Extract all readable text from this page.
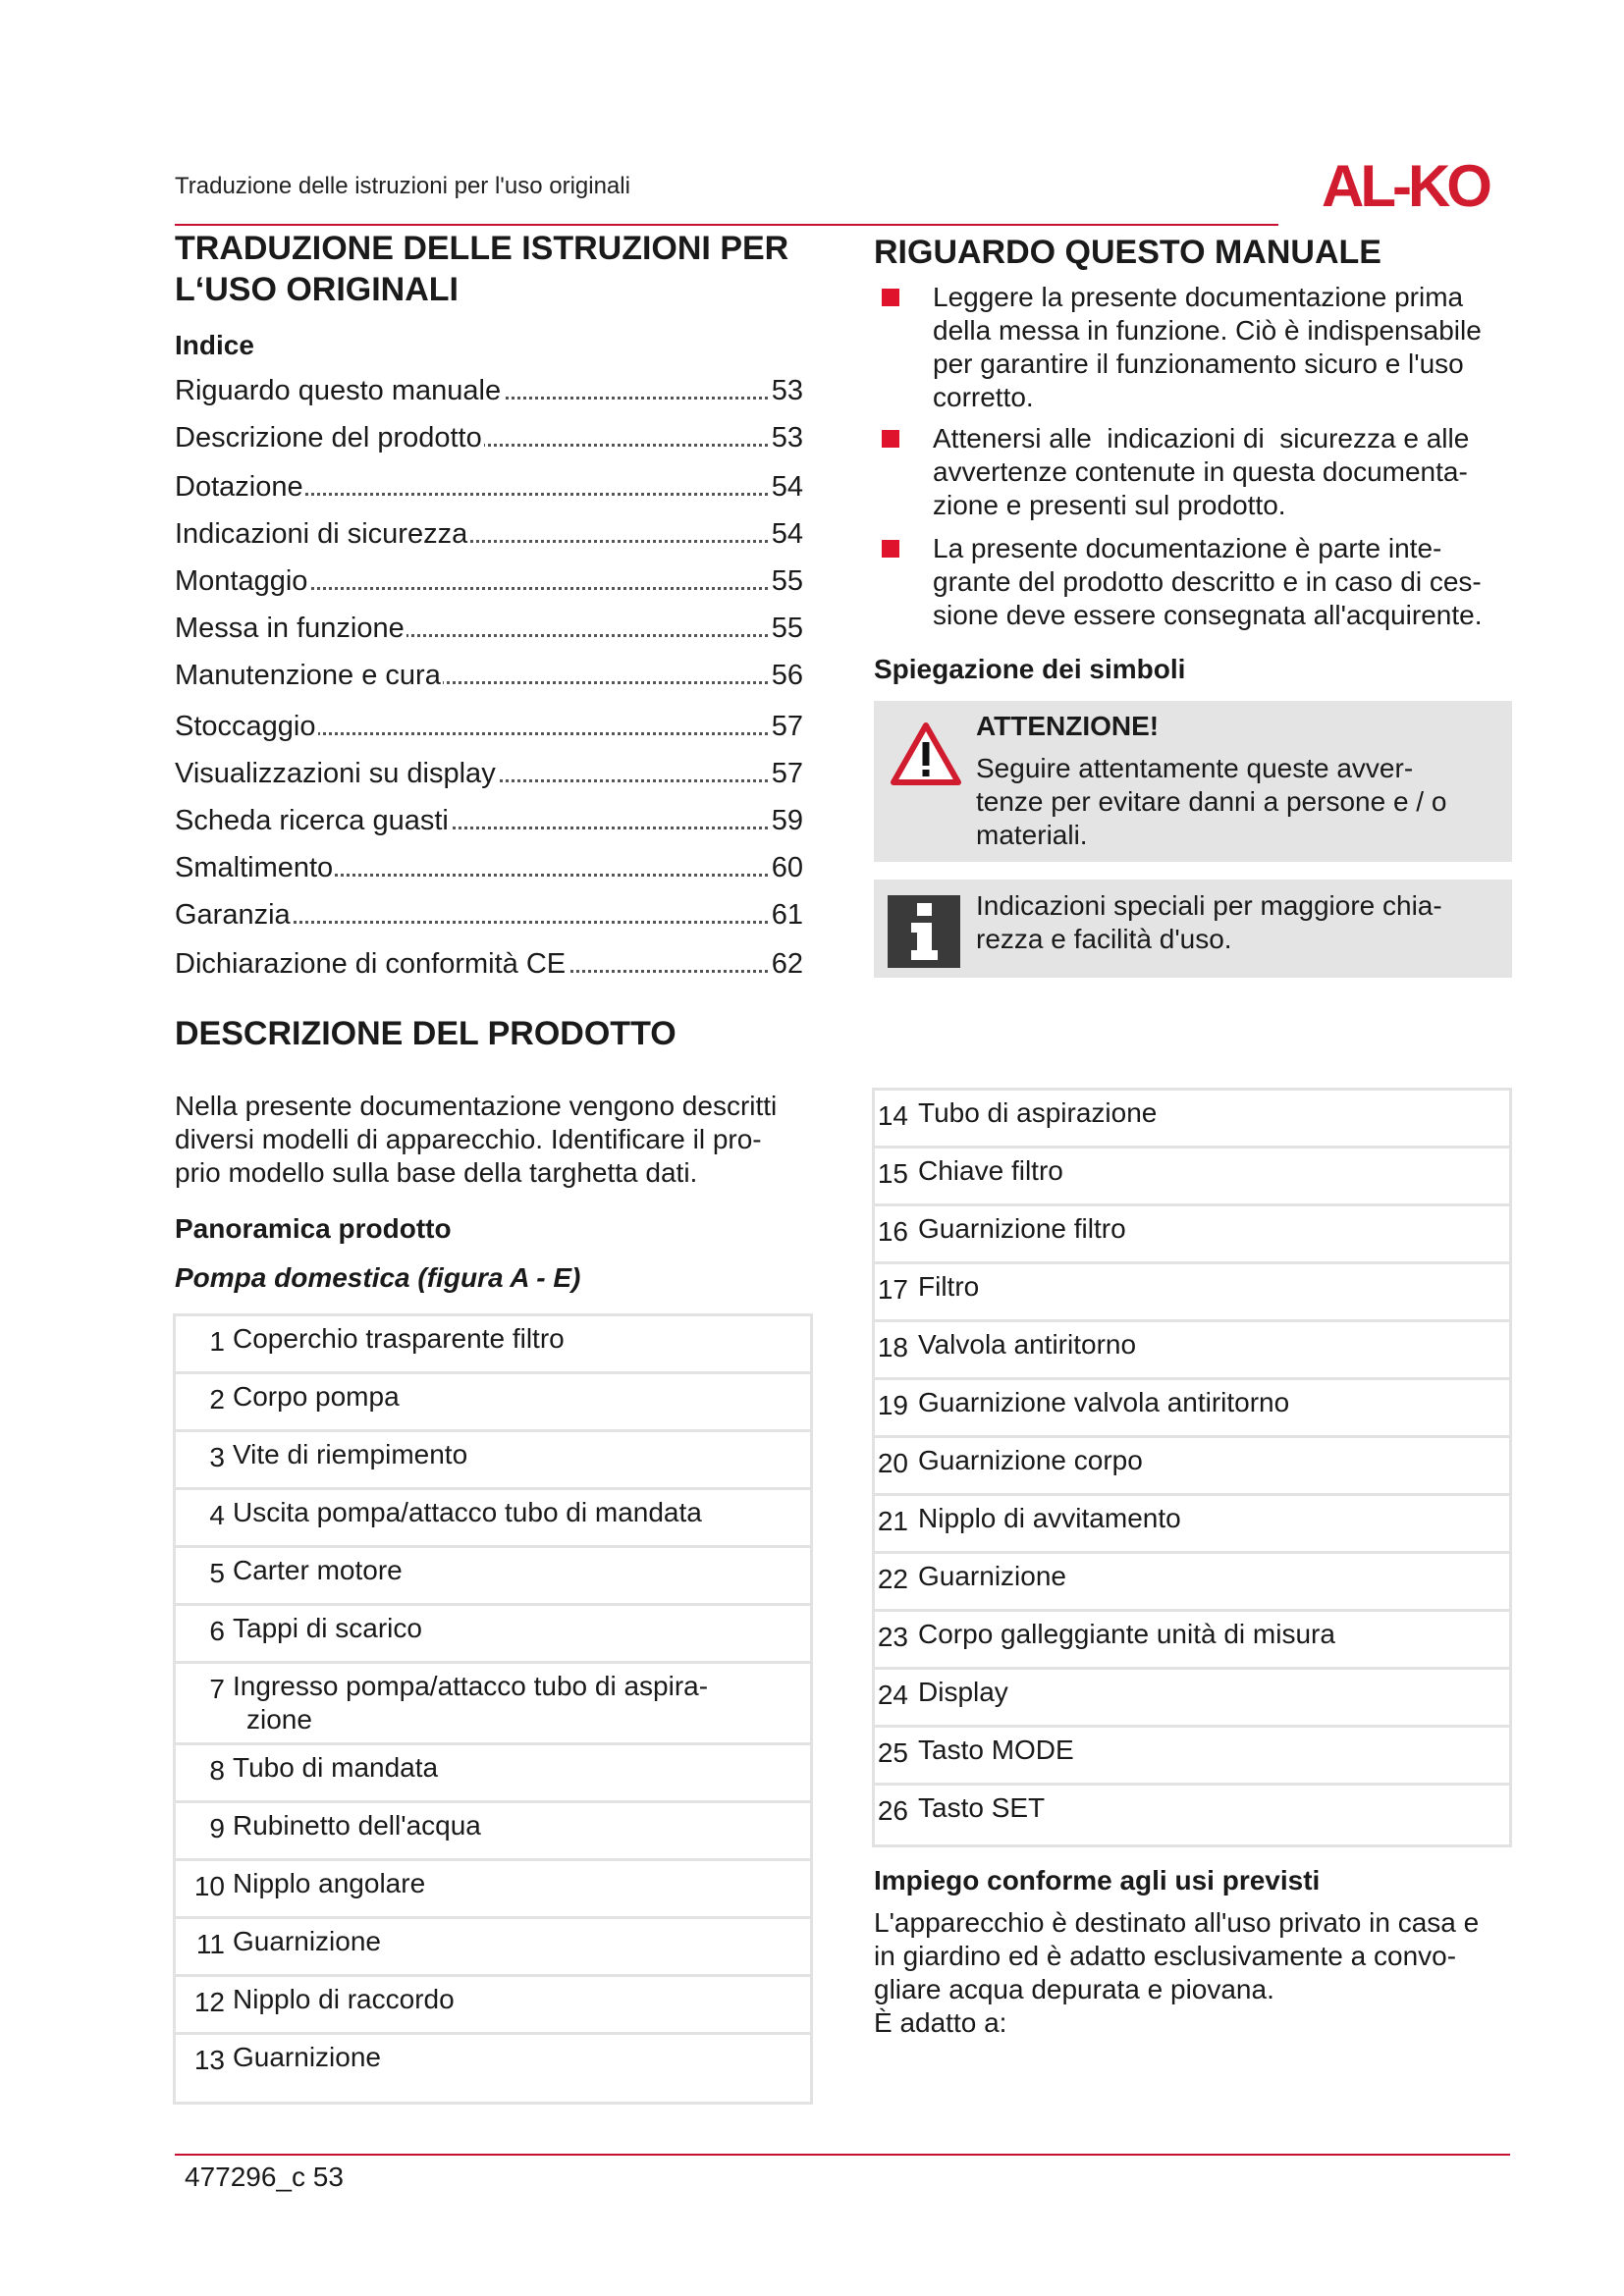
Traduzione delle istruzioni per l'uso originali	AL-KO
TRADUZIONE DELLE ISTRUZIONI PER
L‘USO ORIGINALI
Indice
Riguardo questo manuale	53
Descrizione del prodotto	53
Dotazione	54
Indicazioni di sicurezza	54
Montaggio	55
Messa in funzione	55
Manutenzione e cura	56
Stoccaggio	57
Visualizzazioni su display	57
Scheda ricerca guasti	59
Smaltimento	60
Garanzia	61
Dichiarazione di conformità CE	62
DESCRIZIONE DEL PRODOTTO
Nella presente documentazione vengono descritti
diversi modelli di apparecchio. Identificare il pro-
prio modello sulla base della targhetta dati.
Panoramica prodotto
Pompa domestica (figura A - E)
1 Coperchio trasparente filtro
2 Corpo pompa
3 Vite di riempimento
4 Uscita pompa/attacco tubo di mandata
5 Carter motore
6 Tappi di scarico
7 Ingresso pompa/attacco tubo di aspira-
zione
8 Tubo di mandata
9 Rubinetto dell'acqua
10 Nipplo angolare
11 Guarnizione
12 Nipplo di raccordo
13 Guarnizione
RIGUARDO QUESTO MANUALE
Leggere la presente documentazione prima
della messa in funzione. Ciò è indispensabile
per garantire il funzionamento sicuro e l'uso
corretto.
Attenersi alle  indicazioni di  sicurezza e alle
avvertenze contenute in questa documenta-
zione e presenti sul prodotto.
La presente documentazione è parte inte-
grante del prodotto descritto e in caso di ces-
sione deve essere consegnata all'acquirente.
Spiegazione dei simboli
ATTENZIONE!
Seguire attentamente queste avver-
tenze per evitare danni a persone e / o
materiali.
Indicazioni speciali per maggiore chia-
rezza e facilità d'uso.
14 Tubo di aspirazione
15 Chiave filtro
16 Guarnizione filtro
17 Filtro
18 Valvola antiritorno
19 Guarnizione valvola antiritorno
20 Guarnizione corpo
21 Nipplo di avvitamento
22 Guarnizione
23 Corpo galleggiante unità di misura
24 Display
25 Tasto MODE
26 Tasto SET
Impiego conforme agli usi previsti
L'apparecchio è destinato all'uso privato in casa e
in giardino ed è adatto esclusivamente a convo-
gliare acqua depurata e piovana.
È adatto a:
477296_c 53
